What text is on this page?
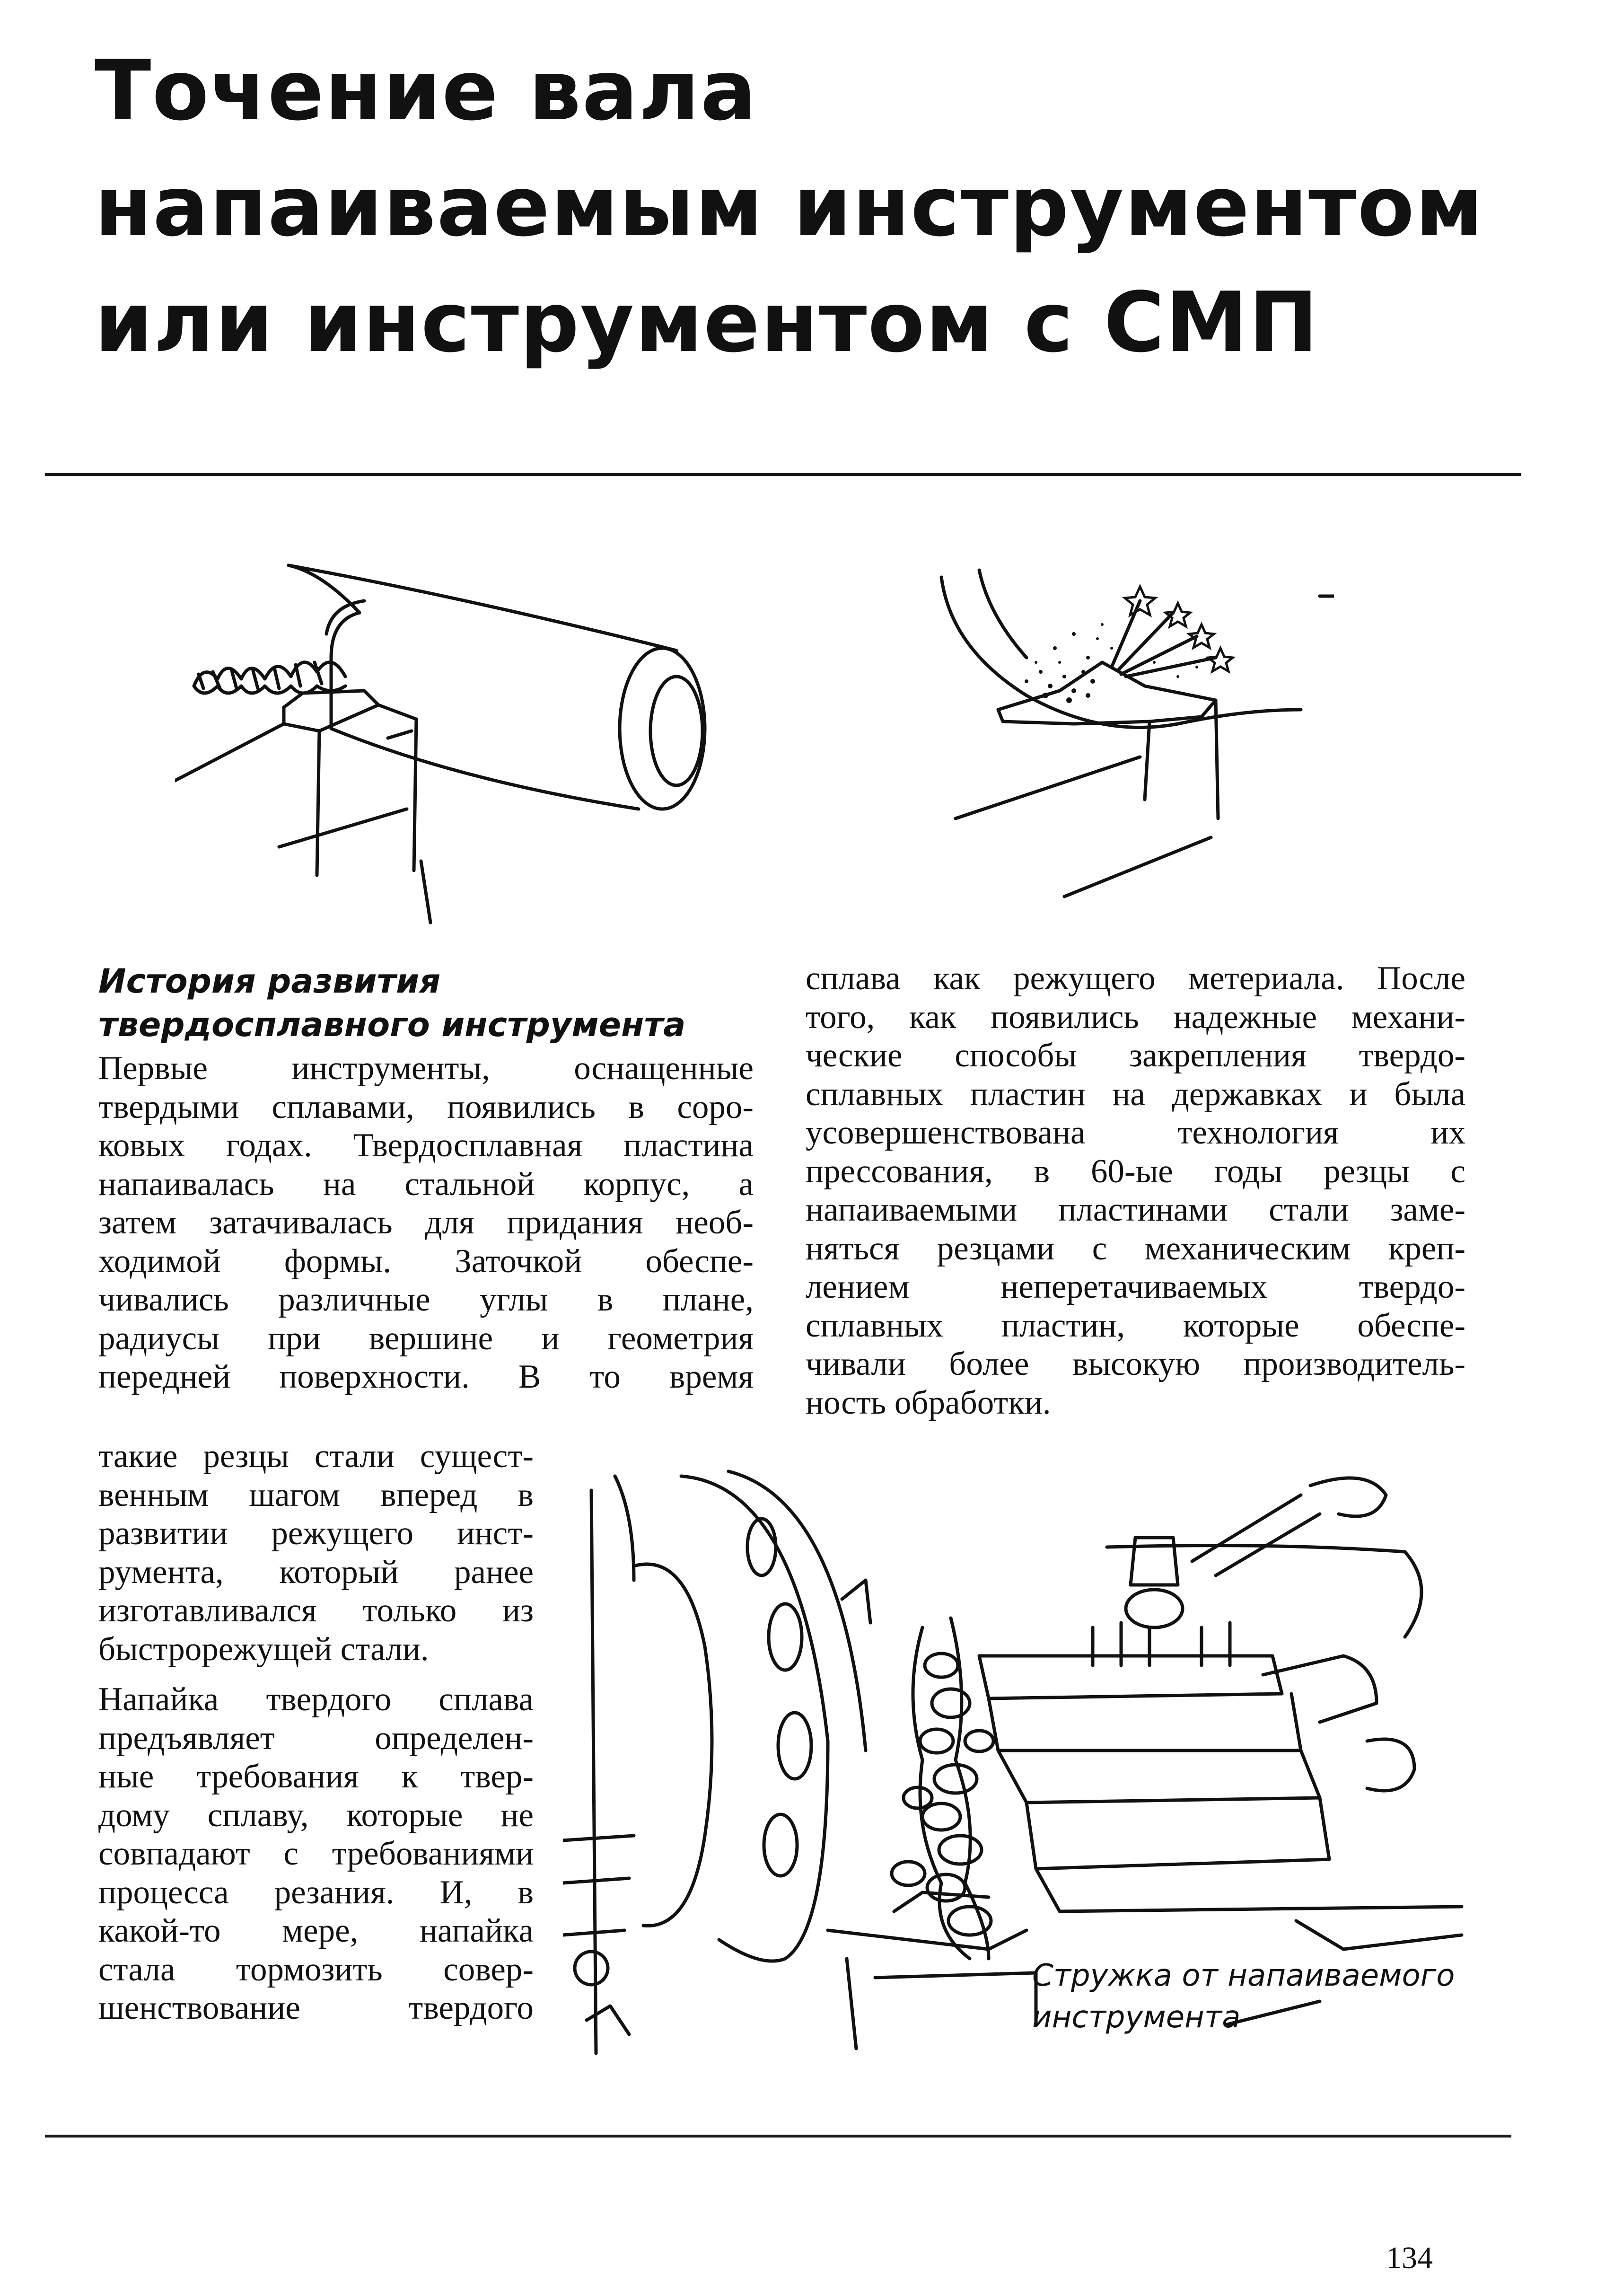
Точение вала
напаиваемым инструментом
или инструментом с СМП
История развития
твердосплавного инструмента
Первые инструменты, оснащенные
твердыми сплавами, появились в соро-
ковых годах. Твердосплавная пластина
напаивалась на стальной корпус, а
затем затачивалась для придания необ-
ходимой формы. Заточкой обеспе-
чивались различные углы в плане,
радиусы при вершине и геометрия
передней поверхности. В то время
такие резцы стали сущест-
венным шагом вперед в
развитии режущего инст-
румента, который ранее
изготавливался только из
быстрорежущей стали.
Напайка твердого сплава
предъявляет определен-
ные требования к твер-
дому сплаву, которые не
совпадают с требованиями
процесса резания. И, в
какой-то мере, напайка
стала тормозить совер-
шенствование твердого
сплава как режущего метериала. После
того, как появились надежные механи-
ческие способы закрепления твердо-
сплавных пластин на державках и была
усовершенствована технология их
прессования, в 60-ые годы резцы с
напаиваемыми пластинами стали заме-
няться резцами с механическим креп-
лением неперетачиваемых твердо-
сплавных пластин, которые обеспе-
чивали более высокую производитель-
ность обработки.
Стружка от напаиваемого
инструмента
134
